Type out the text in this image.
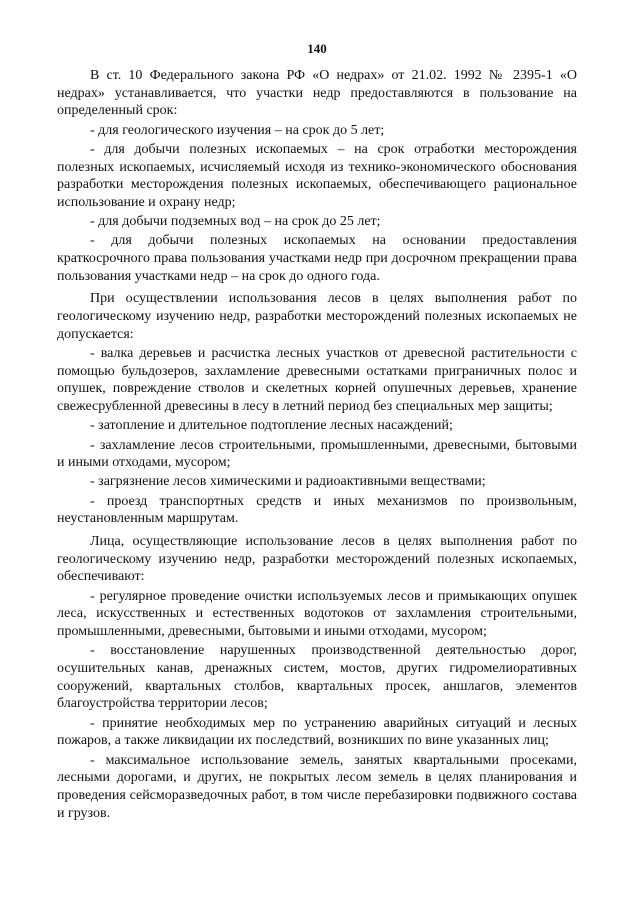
140

В ст. 10 Федерального закона РФ «О недрах» от 21.02. 1992 № 2395-1 «О недрах» устанавливается, что участки недр предоставляются в пользование на определенный срок:

- для геологического изучения – на срок до 5 лет;

- для добычи полезных ископаемых – на срок отработки месторождения полезных ископаемых, исчисляемый исходя из технико-экономического обоснования разработки месторождения полезных ископаемых, обеспечивающего рациональное использование и охрану недр;

- для добычи подземных вод – на срок до 25 лет;

- для добычи полезных ископаемых на основании предоставления краткосрочного права пользования участками недр при досрочном прекращении права пользования участками недр – на срок до одного года.

При осуществлении использования лесов в целях выполнения работ по геологическому изучению недр, разработки месторождений полезных ископаемых не допускается:

- валка деревьев и расчистка лесных участков от древесной растительности с помощью бульдозеров, захламление древесными остатками приграничных полос и опушек, повреждение стволов и скелетных корней опушечных деревьев, хранение свежесрубленной древесины в лесу в летний период без специальных мер защиты;

- затопление и длительное подтопление лесных насаждений;

- захламление лесов строительными, промышленными, древесными, бытовыми и иными отходами, мусором;

- загрязнение лесов химическими и радиоактивными веществами;

- проезд транспортных средств и иных механизмов по произвольным, неустановленным маршрутам.

Лица, осуществляющие использование лесов в целях выполнения работ по геологическому изучению недр, разработки месторождений полезных ископаемых, обеспечивают:

- регулярное проведение очистки используемых лесов и примыкающих опушек леса, искусственных и естественных водотоков от захламления строительными, промышленными, древесными, бытовыми и иными отходами, мусором;

- восстановление нарушенных производственной деятельностью дорог, осушительных канав, дренажных систем, мостов, других гидромелиоративных сооружений, квартальных столбов, квартальных просек, аншлагов, элементов благоустройства территории лесов;

- принятие необходимых мер по устранению аварийных ситуаций и лесных пожаров, а также ликвидации их последствий, возникших по вине указанных лиц;

- максимальное использование земель, занятых квартальными просеками, лесными дорогами, и других, не покрытых лесом земель в целях планирования и проведения сейсморазведочных работ, в том числе перебазировки подвижного состава и грузов.
